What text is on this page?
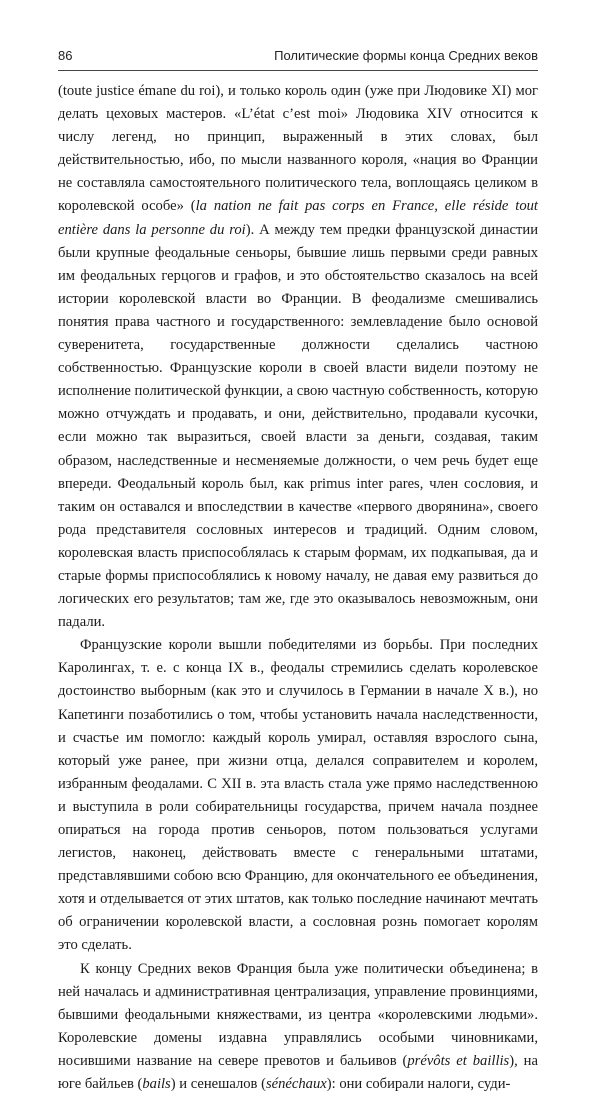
86	Политические формы конца Средних веков

(toute justice émane du roi), и только король один (уже при Людовике XI) мог делать цеховых мастеров. «L’état c’est moi» Людовика XIV относится к числу легенд, но принцип, выраженный в этих словах, был действительностью, ибо, по мысли названного короля, «нация во Франции не составляла самостоятельного политического тела, воплощаясь целиком в королевской особе» (la nation ne fait pas corps en France, elle réside tout entière dans la personne du roi). А между тем предки французской династии были крупные феодальные сеньоры, бывшие лишь первыми среди равных им феодальных герцогов и графов, и это обстоятельство сказалось на всей истории королевской власти во Франции. В феодализме смешивались понятия права частного и государственного: землевладение было основой суверенитета, государственные должности сделались частною собственностью. Французские короли в своей власти видели поэтому не исполнение политической функции, а свою частную собственность, которую можно отчуждать и продавать, и они, действительно, продавали кусочки, если можно так выразиться, своей власти за деньги, создавая, таким образом, наследственные и несменяемые должности, о чем речь будет еще впереди. Феодальный король был, как primus inter pares, член сословия, и таким он оставался и впоследствии в качестве «первого дворянина», своего рода представителя сословных интересов и традиций. Одним словом, королевская власть приспособлялась к старым формам, их подкапывая, да и старые формы приспособлялись к новому началу, не давая ему развиться до логических его результатов; там же, где это оказывалось невозможным, они падали.

Французские короли вышли победителями из борьбы. При последних Каролингах, т. е. с конца IX в., феодалы стремились сделать королевское достоинство выборным (как это и случилось в Германии в начале X в.), но Капетинги позаботились о том, чтобы установить начала наследственности, и счастье им помогло: каждый король умирал, оставляя взрослого сына, который уже ранее, при жизни отца, делался соправителем и королем, избранным феодалами. С XII в. эта власть стала уже прямо наследственною и выступила в роли собирательницы государства, причем начала позднее опираться на города против сеньоров, потом пользоваться услугами легистов, наконец, действовать вместе с генеральными штатами, представлявшими собою всю Францию, для окончательного ее объединения, хотя и отделывается от этих штатов, как только последние начинают мечтать об ограничении королевской власти, а сословная рознь помогает королям это сделать.

К концу Средних веков Франция была уже политически объединена; в ней началась и административная централизация, управление провинциями, бывшими феодальными княжествами, из центра «королевскими людьми». Королевские домены издавна управлялись особыми чиновниками, носившими название на севере превотов и бальивов (prévôts et baillis), на юге байльев (bails) и сенешалов (sénéchaux): они собирали налоги, суди-
